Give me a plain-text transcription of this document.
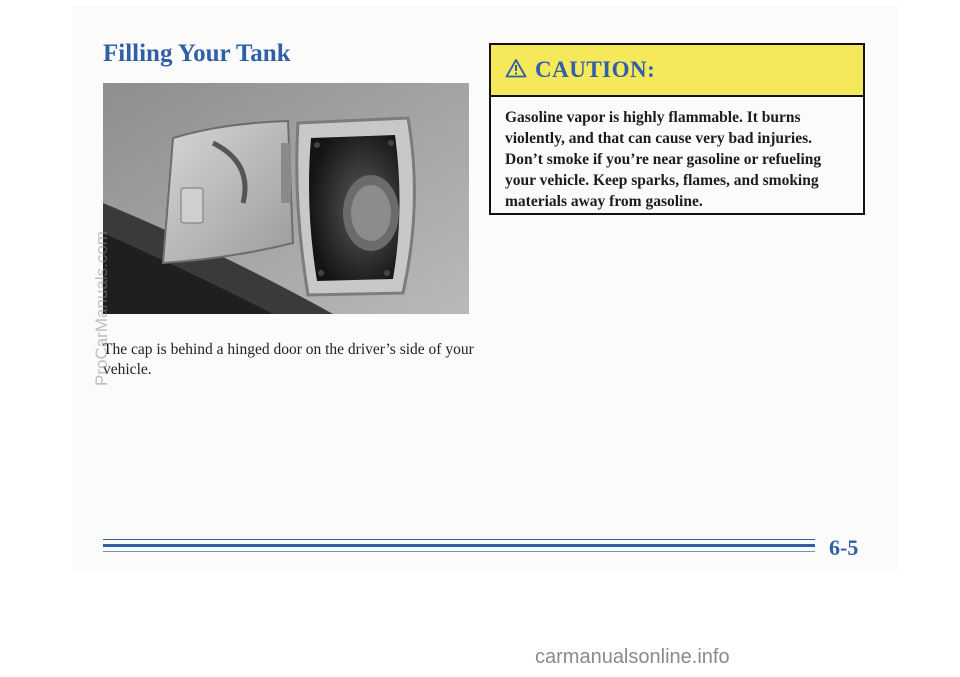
Filling Your Tank

The cap is behind a hinged door on the driver’s side of your vehicle.

CAUTION:

Gasoline vapor is highly flammable. It burns violently, and that can cause very bad injuries. Don’t smoke if you’re near gasoline or refueling your vehicle. Keep sparks, flames, and smoking materials away from gasoline.

6-5
ProCarManuals.com
carmanualsonline.info
